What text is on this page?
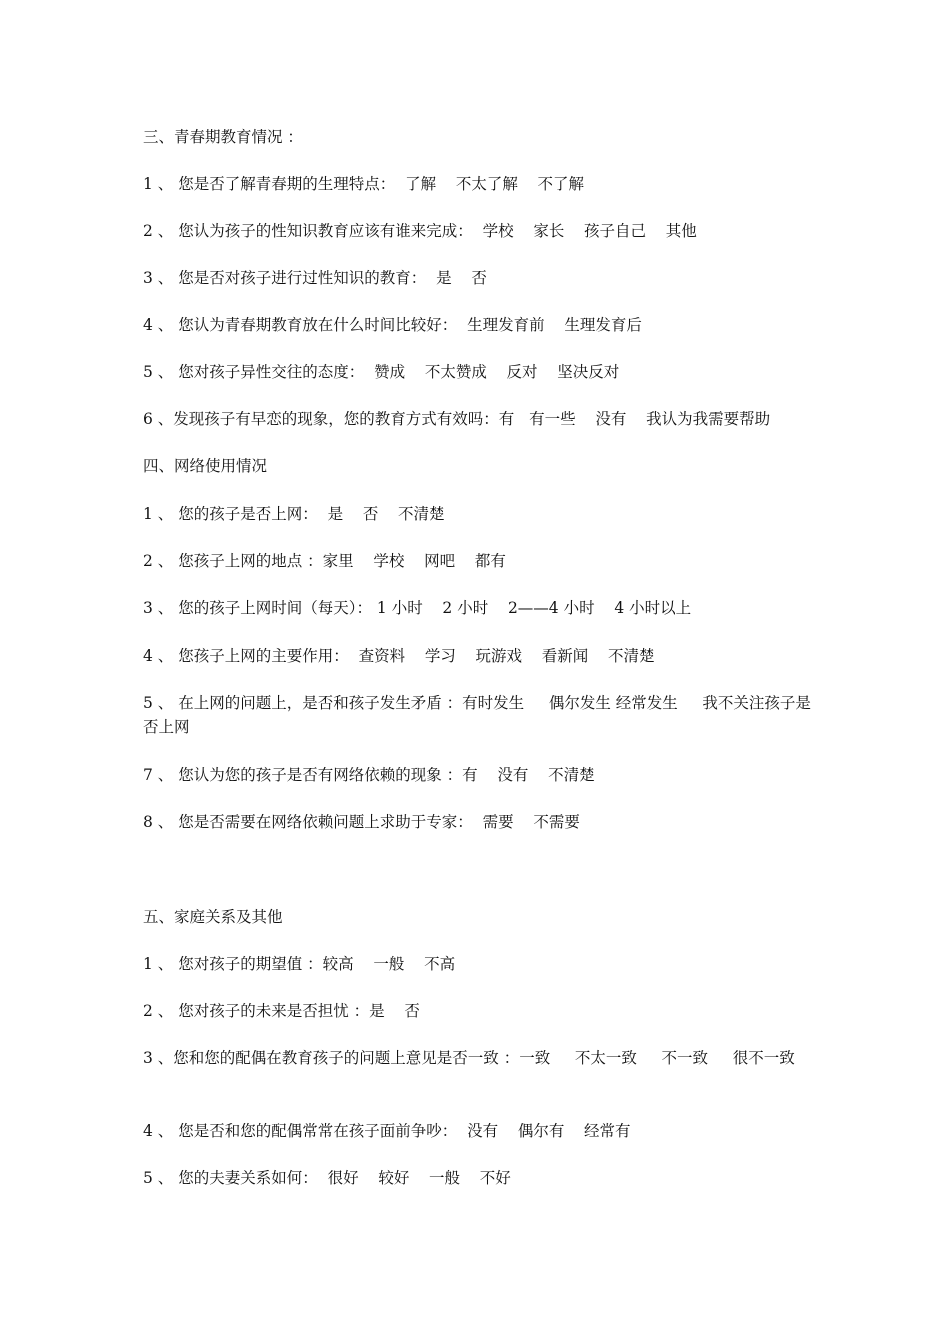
三、青春期教育情况 ：
1 、 您是否了解青春期的生理特点： 了解 不太了解 不了解
2 、 您认为孩子的性知识教育应该有谁来完成： 学校 家长 孩子自己 其他
3 、 您是否对孩子进行过性知识的教育： 是 否
4 、 您认为青春期教育放在什么时间比较好： 生理发育前 生理发育后
5 、 您对孩子异性交往的态度： 赞成 不太赞成 反对 坚决反对
6 、发现孩子有早恋的现象，您的教育方式有效吗：有 有一些 没有 我认为我需要帮助
四、网络使用情况
1 、 您的孩子是否上网： 是 否 不清楚
2 、 您孩子上网的地点 ：家里 学校 网吧 都有
3 、 您的孩子上网时间（每天）： 1 小时 2 小时 2——4 小时 4 小时以上
4 、 您孩子上网的主要作用： 查资料 学习 玩游戏 看新闻 不清楚
5 、 在上网的问题上，是否和孩子发生矛盾 ：有时发生 偶尔发生 经常发生 我不关注孩子是否上网
7 、 您认为您的孩子是否有网络依赖的现象 ：有 没有 不清楚
8 、 您是否需要在网络依赖问题上求助于专家： 需要 不需要
五、家庭关系及其他
1 、 您对孩子的期望值 ：较高 一般 不高
2 、 您对孩子的未来是否担忧 ：是 否
3 、您和您的配偶在教育孩子的问题上意见是否一致 ：一致 不太一致 不一致 很不一致
4 、 您是否和您的配偶常常在孩子面前争吵： 没有 偶尔有 经常有
5 、 您的夫妻关系如何： 很好 较好 一般 不好
